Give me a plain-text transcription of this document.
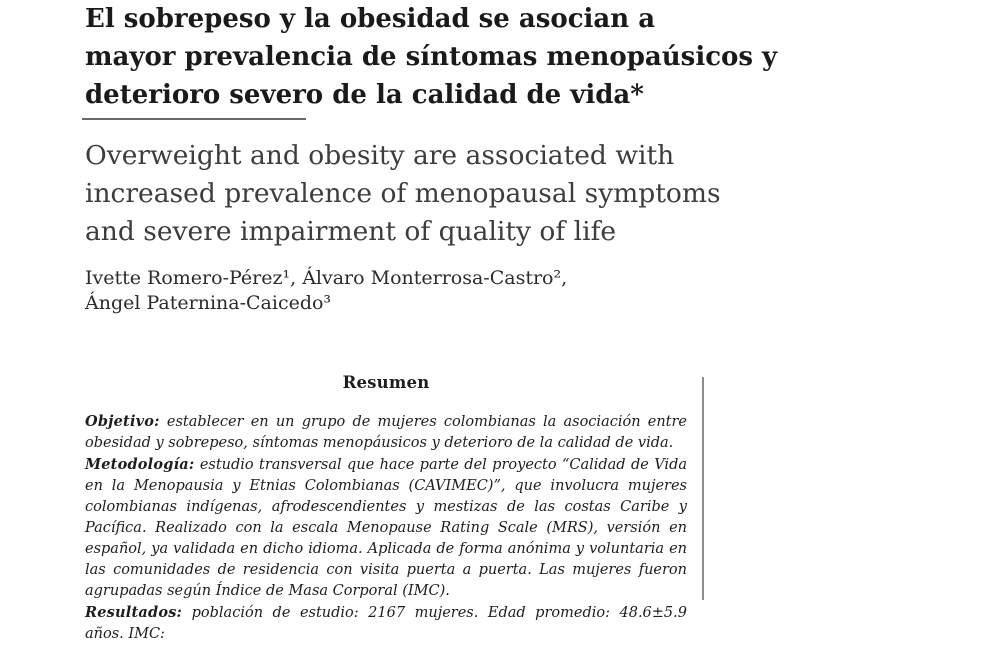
El sobrepeso y la obesidad se asocian a
mayor prevalencia de síntomas menopaúsicos y
deterioro severo de la calidad de vida*
Overweight and obesity are associated with
increased prevalence of menopausal symptoms
and severe impairment of quality of life
Ivette Romero-Pérez¹, Álvaro Monterrosa-Castro²,
Ángel Paternina-Caicedo³
Resumen

Objetivo: establecer en un grupo de mujeres colombianas la asociación entre obesidad y sobrepeso, síntomas menopáusicos y deterioro de la calidad de vida.

Metodología: estudio transversal que hace parte del proyecto “Calidad de Vida en la Menopausia y Etnias Colombianas (CAVIMEC)”, que involucra mujeres colombianas indígenas, afrodescendientes y mestizas de las costas Caribe y Pacífica. Realizado con la escala Menopause Rating Scale (MRS), versión en español, ya validada en dicho idioma. Aplicada de forma anónima y voluntaria en las comunidades de residencia con visita puerta a puerta. Las mujeres fueron agrupadas según Índice de Masa Corporal (IMC).

Resultados: población de estudio: 2167 mujeres. Edad promedio: 48.6±5.9 años. IMC:
